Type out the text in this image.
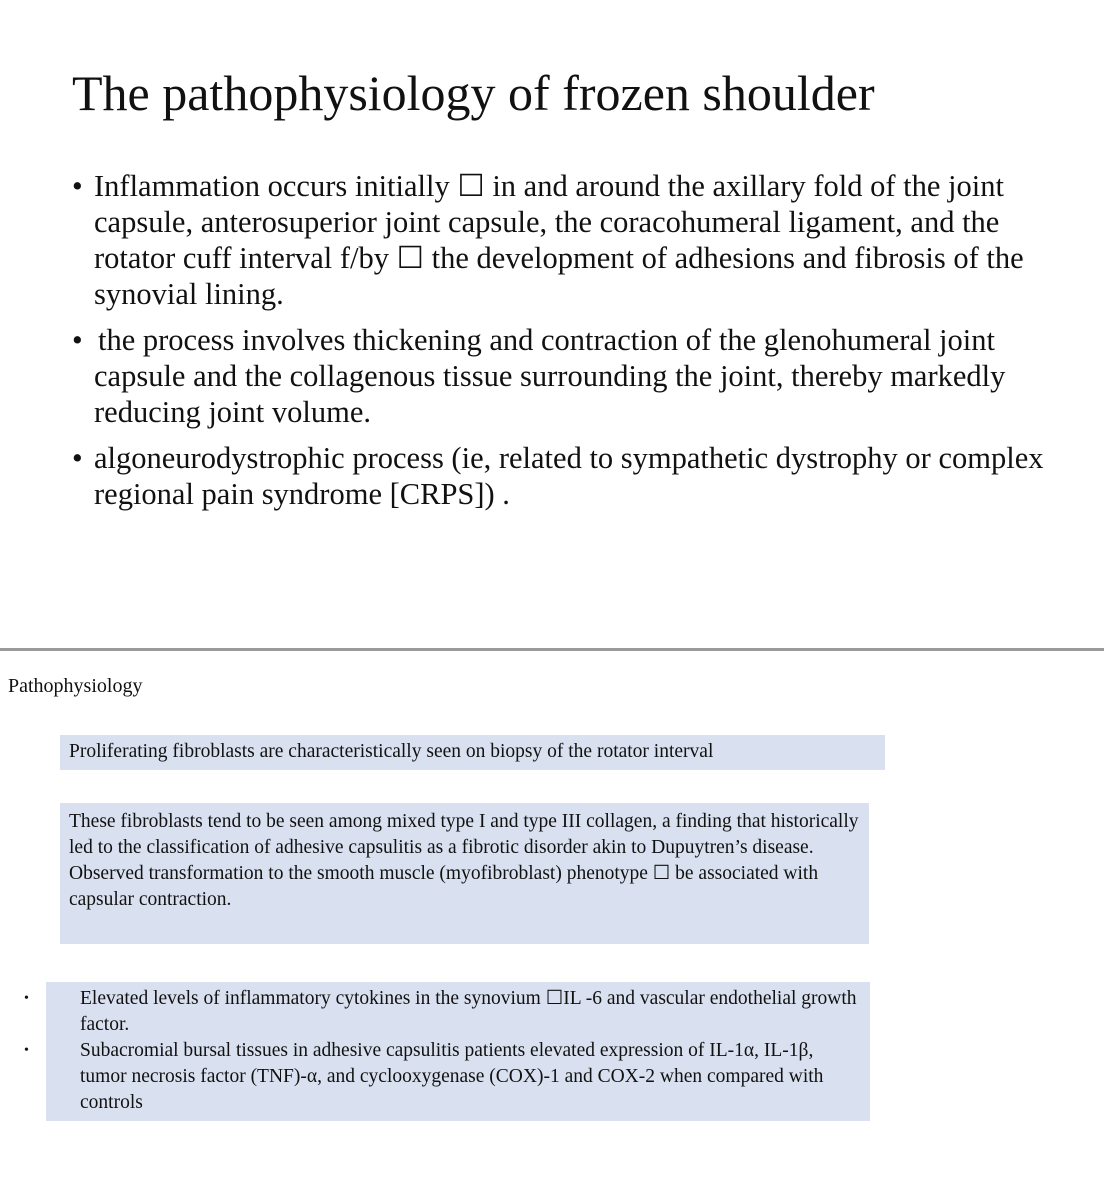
The pathophysiology of frozen shoulder
• Inflammation occurs initially ☐ in and around the axillary fold of the joint capsule, anterosuperior joint capsule, the coracohumeral ligament, and the rotator cuff interval f/by ☐ the development of adhesions and fibrosis of the synovial lining.
• the process involves thickening and contraction of the glenohumeral joint capsule and the collagenous tissue surrounding the joint, thereby markedly reducing joint volume.
• algoneurodystrophic process (ie, related to sympathetic dystrophy or complex regional pain syndrome [CRPS]) .
Pathophysiology
Proliferating fibroblasts are characteristically seen on biopsy of the rotator interval
These fibroblasts tend to be seen among mixed type I and type III collagen, a finding that historically led to the classification of adhesive capsulitis as a fibrotic disorder akin to Dupuytren’s disease.
Observed transformation to the smooth muscle (myofibroblast) phenotype ☐ be associated with capsular contraction.
•	Elevated levels of inflammatory cytokines in the synovium ☐IL -6 and vascular endothelial growth factor.
•	Subacromial bursal tissues in adhesive capsulitis patients elevated expression of IL-1α, IL-1β, tumor necrosis factor (TNF)-α, and cyclooxygenase (COX)-1 and COX-2 when compared with controls
